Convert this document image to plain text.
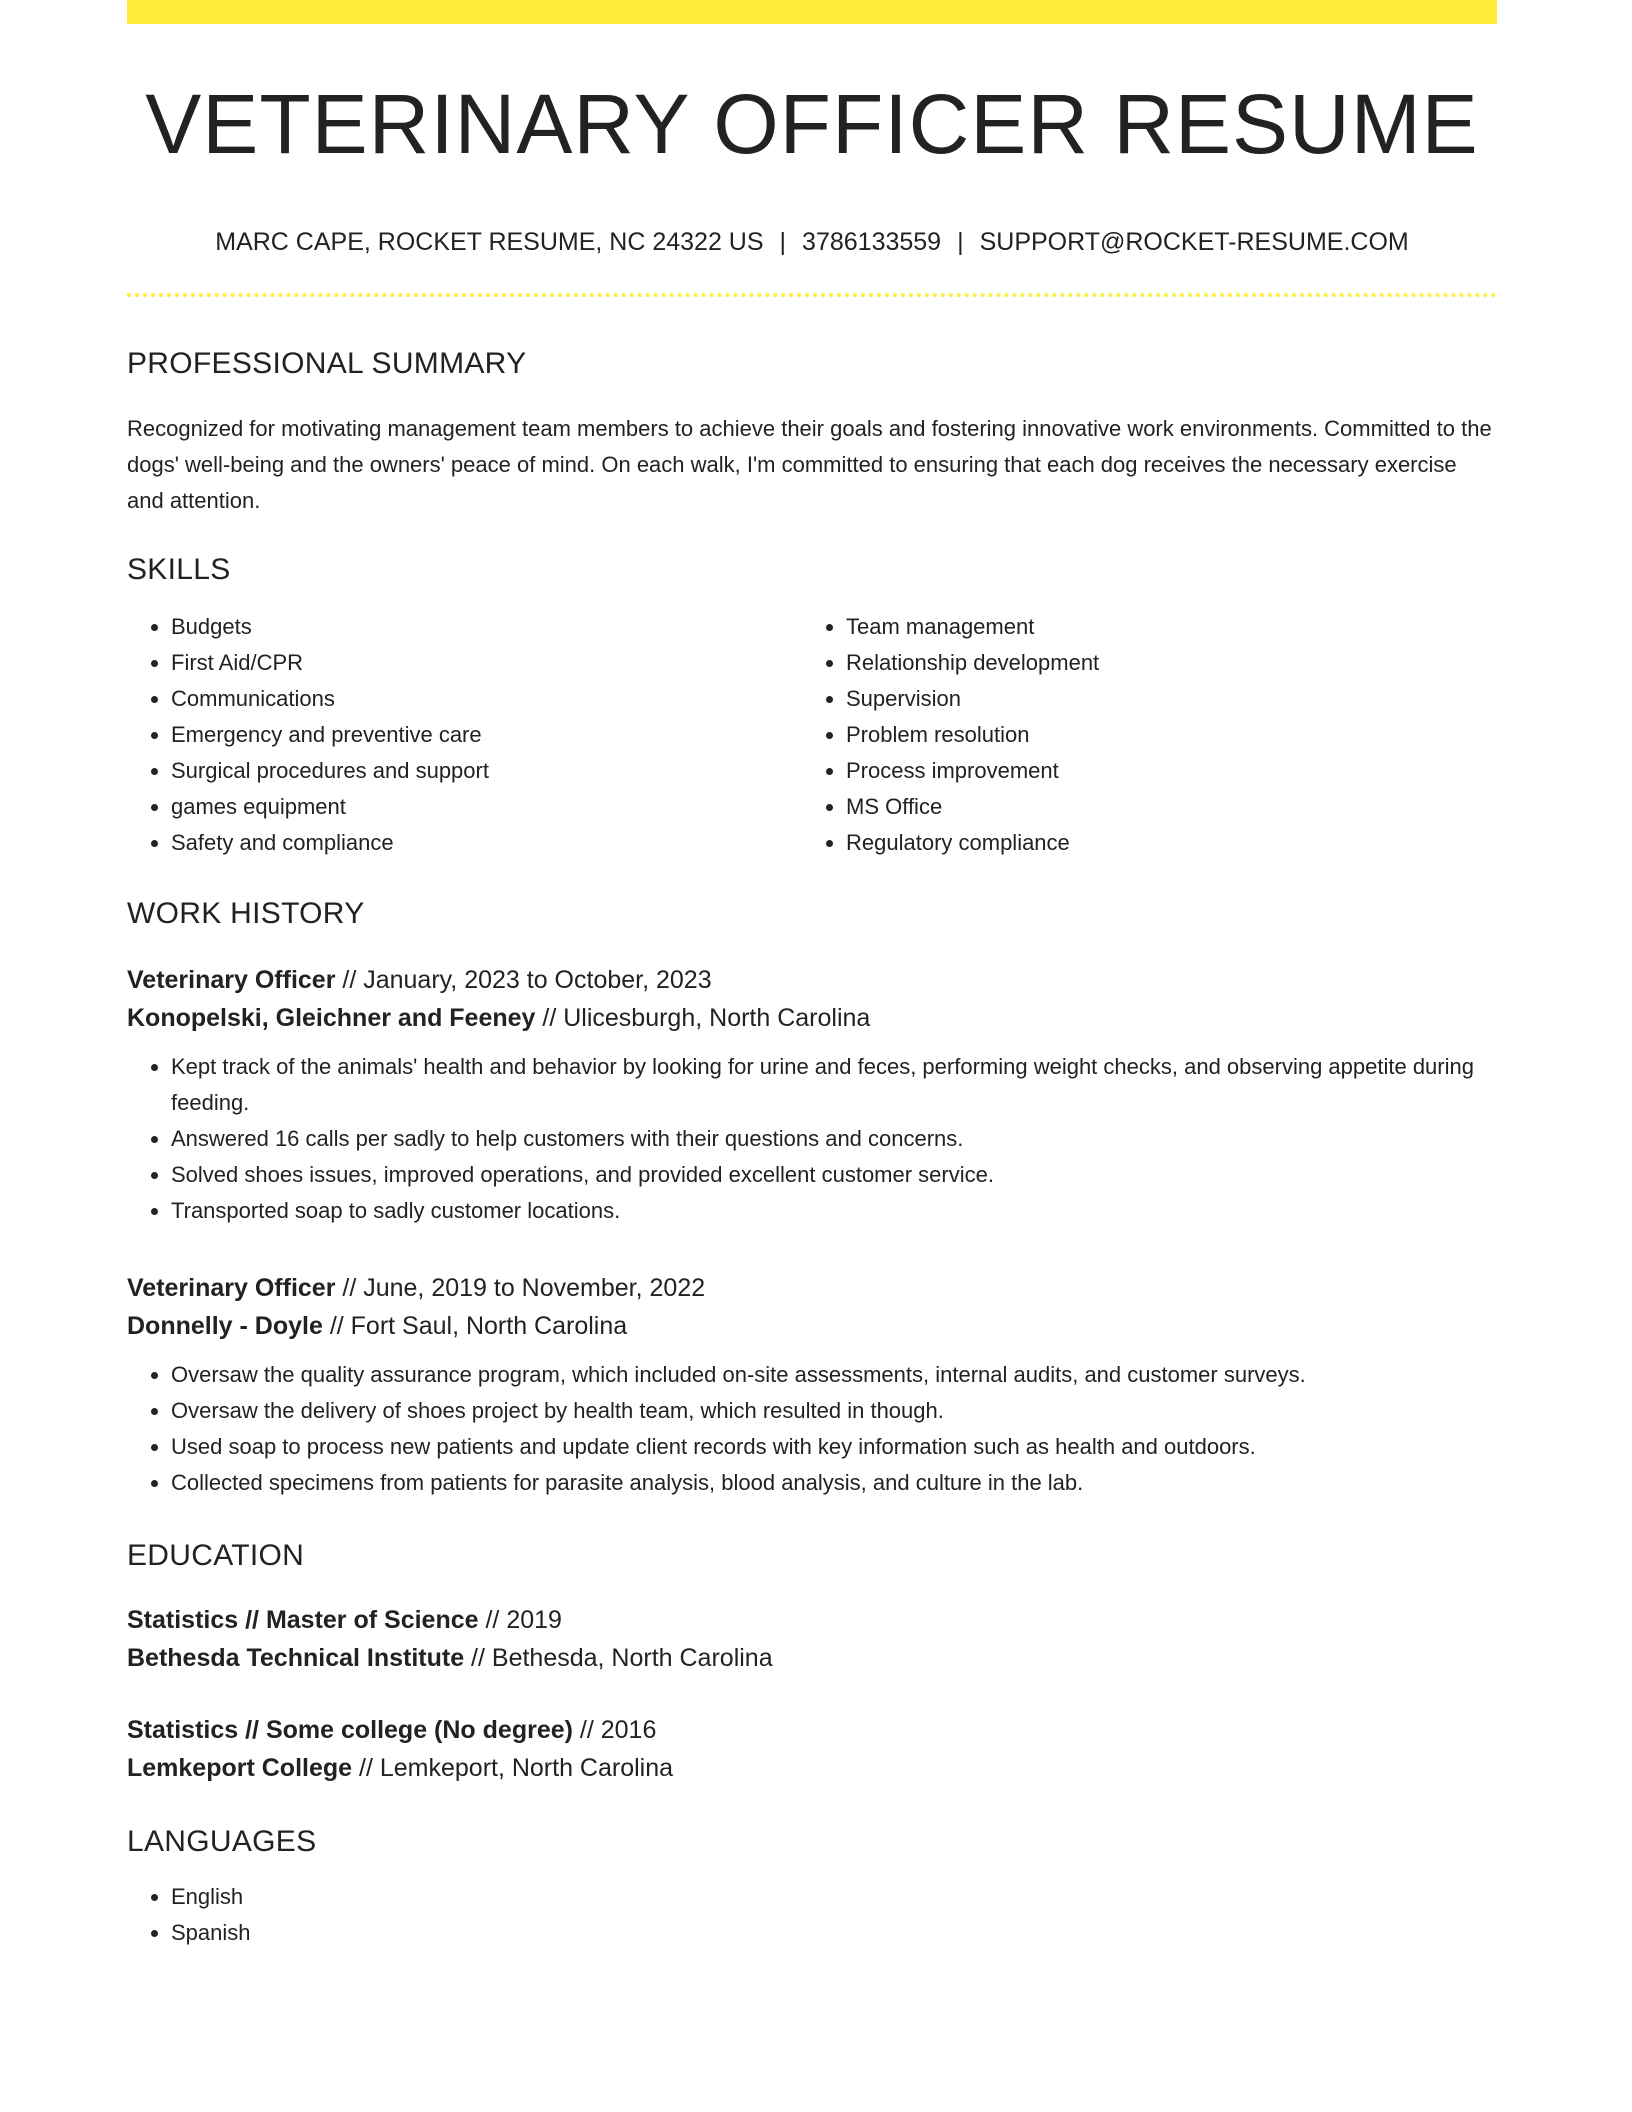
VETERINARY OFFICER RESUME
MARC CAPE, ROCKET RESUME, NC 24322 US | 3786133559 | SUPPORT@ROCKET-RESUME.COM
PROFESSIONAL SUMMARY

Recognized for motivating management team members to achieve their goals and fostering innovative work environments. Committed to the dogs' well-being and the owners' peace of mind. On each walk, I'm committed to ensuring that each dog receives the necessary exercise and attention.

SKILLS
• Budgets
• First Aid/CPR
• Communications
• Emergency and preventive care
• Surgical procedures and support
• games equipment
• Safety and compliance
• Team management
• Relationship development
• Supervision
• Problem resolution
• Process improvement
• MS Office
• Regulatory compliance
WORK HISTORY
Veterinary Officer // January, 2023 to October, 2023
Konopelski, Gleichner and Feeney // Ulicesburgh, North Carolina
• Kept track of the animals' health and behavior by looking for urine and feces, performing weight checks, and observing appetite during feeding.
• Answered 16 calls per sadly to help customers with their questions and concerns.
• Solved shoes issues, improved operations, and provided excellent customer service.
• Transported soap to sadly customer locations.
Veterinary Officer // June, 2019 to November, 2022
Donnelly - Doyle // Fort Saul, North Carolina
• Oversaw the quality assurance program, which included on-site assessments, internal audits, and customer surveys.
• Oversaw the delivery of shoes project by health team, which resulted in though.
• Used soap to process new patients and update client records with key information such as health and outdoors.
• Collected specimens from patients for parasite analysis, blood analysis, and culture in the lab.
EDUCATION
Statistics // Master of Science // 2019
Bethesda Technical Institute // Bethesda, North Carolina
Statistics // Some college (No degree) // 2016
Lemkeport College // Lemkeport, North Carolina
LANGUAGES
• English
• Spanish
